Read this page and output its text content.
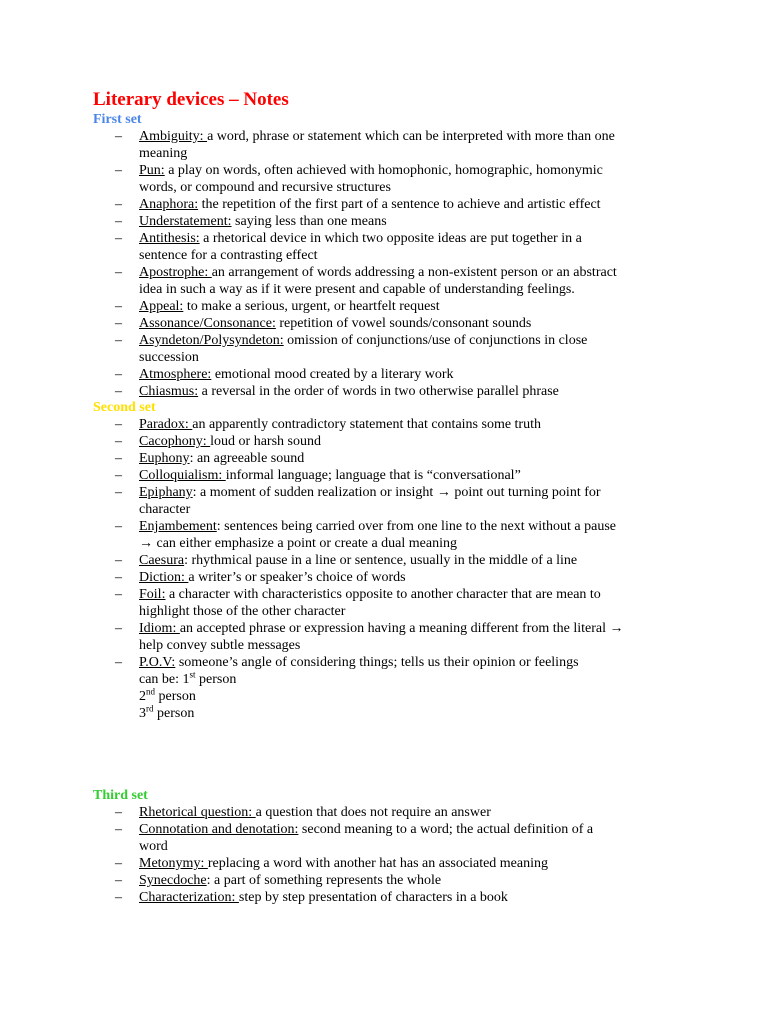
Literary devices – Notes
First set
– Ambiguity: a word, phrase or statement which can be interpreted with more than one
meaning
– Pun: a play on words, often achieved with homophonic, homographic, homonymic
words, or compound and recursive structures
– Anaphora: the repetition of the first part of a sentence to achieve and artistic effect
– Understatement: saying less than one means
– Antithesis: a rhetorical device in which two opposite ideas are put together in a
sentence for a contrasting effect
– Apostrophe: an arrangement of words addressing a non-existent person or an abstract
idea in such a way as if it were present and capable of understanding feelings.
– Appeal: to make a serious, urgent, or heartfelt request
– Assonance/Consonance: repetition of vowel sounds/consonant sounds
– Asyndeton/Polysyndeton: omission of conjunctions/use of conjunctions in close
succession
– Atmosphere: emotional mood created by a literary work
– Chiasmus: a reversal in the order of words in two otherwise parallel phrase
Second set
– Paradox: an apparently contradictory statement that contains some truth
– Cacophony: loud or harsh sound
– Euphony: an agreeable sound
– Colloquialism: informal language; language that is “conversational”
– Epiphany: a moment of sudden realization or insight → point out turning point for
character
– Enjambement: sentences being carried over from one line to the next without a pause
→ can either emphasize a point or create a dual meaning
– Caesura: rhythmical pause in a line or sentence, usually in the middle of a line
– Diction: a writer’s or speaker’s choice of words
– Foil: a character with characteristics opposite to another character that are mean to
highlight those of the other character
– Idiom: an accepted phrase or expression having a meaning different from the literal →
help convey subtle messages
– P.O.V: someone’s angle of considering things; tells us their opinion or feelings
can be: 1st person
2nd person
3rd person
Third set
– Rhetorical question: a question that does not require an answer
– Connotation and denotation: second meaning to a word; the actual definition of a
word
– Metonymy: replacing a word with another hat has an associated meaning
– Synecdoche: a part of something represents the whole
– Characterization: step by step presentation of characters in a book
